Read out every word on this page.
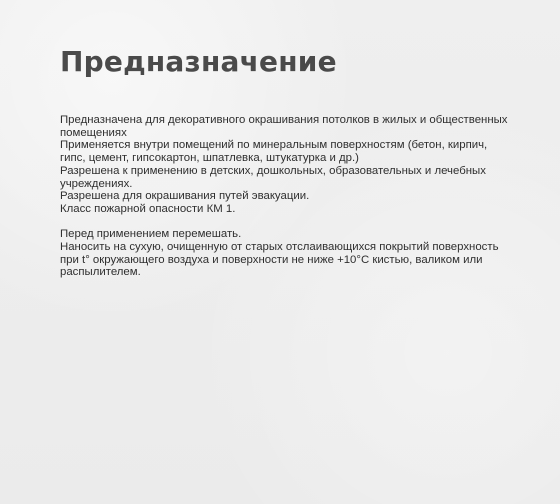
Предназначение

Предназначена для декоративного окрашивания потолков в жилых и общественных помещениях

Применяется внутри помещений по минеральным поверхностям (бетон, кирпич, гипс, цемент, гипсокартон, шпатлевка, штукатурка и др.)

Разрешена к применению в детских, дошкольных, образовательных и лечебных учреждениях.

Разрешена для окрашивания путей эвакуации.

Класс пожарной опасности КМ 1.

Перед применением перемешать.

Наносить на сухую, очищенную от старых отслаивающихся покрытий поверхность при t° окружающего воздуха и поверхности не ниже +10°С кистью, валиком или распылителем.
